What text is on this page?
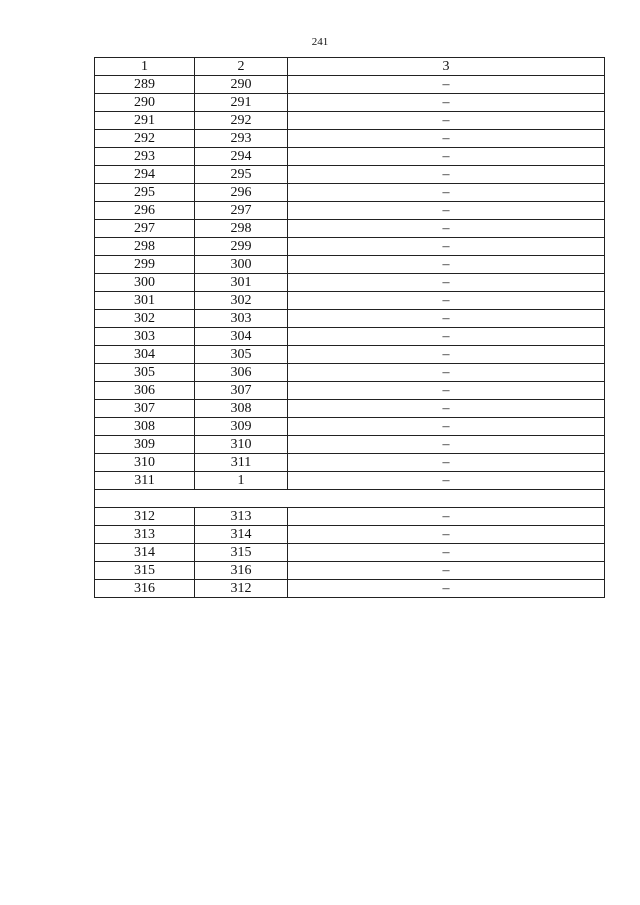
241
1	2	3
289	290	–
290	291	–
291	292	–
292	293	–
293	294	–
294	295	–
295	296	–
296	297	–
297	298	–
298	299	–
299	300	–
300	301	–
301	302	–
302	303	–
303	304	–
304	305	–
305	306	–
306	307	–
307	308	–
308	309	–
309	310	–
310	311	–
311	1	–

312	313	–
313	314	–
314	315	–
315	316	–
316	312	–
